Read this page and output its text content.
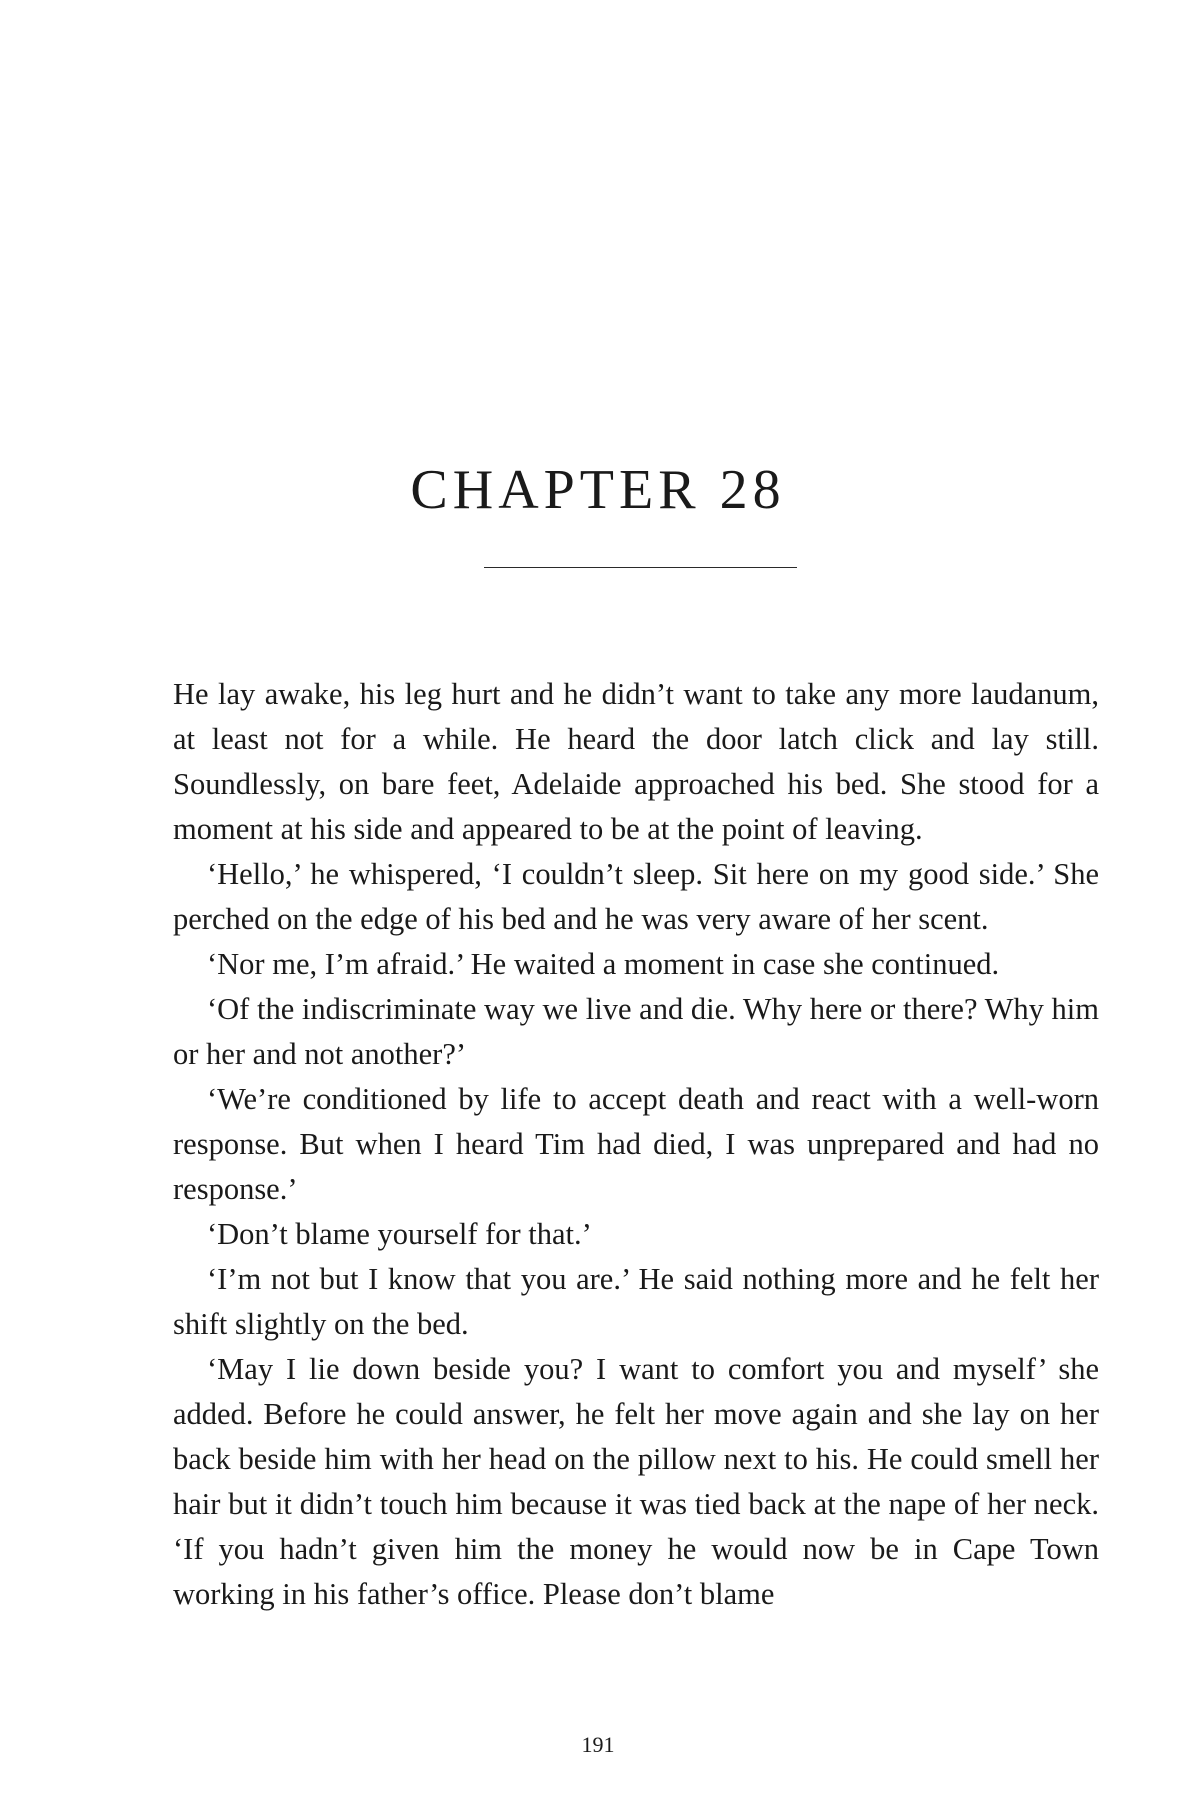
CHAPTER 28

He lay awake, his leg hurt and he didn’t want to take any more laudanum, at least not for a while. He heard the door latch click and lay still. Soundlessly, on bare feet, Adelaide approached his bed. She stood for a moment at his side and appeared to be at the point of leaving.

‘Hello,’ he whispered, ‘I couldn’t sleep. Sit here on my good side.’ She perched on the edge of his bed and he was very aware of her scent.

‘Nor me, I’m afraid.’ He waited a moment in case she continued.

‘Of the indiscriminate way we live and die. Why here or there? Why him or her and not another?’

‘We’re conditioned by life to accept death and react with a well-worn response. But when I heard Tim had died, I was unprepared and had no response.’

‘Don’t blame yourself for that.’

‘I’m not but I know that you are.’ He said nothing more and he felt her shift slightly on the bed.

‘May I lie down beside you? I want to comfort you and myself’ she added. Before he could answer, he felt her move again and she lay on her back beside him with her head on the pillow next to his. He could smell her hair but it didn’t touch him because it was tied back at the nape of her neck. ‘If you hadn’t given him the money he would now be in Cape Town working in his father’s office. Please don’t blame

191
